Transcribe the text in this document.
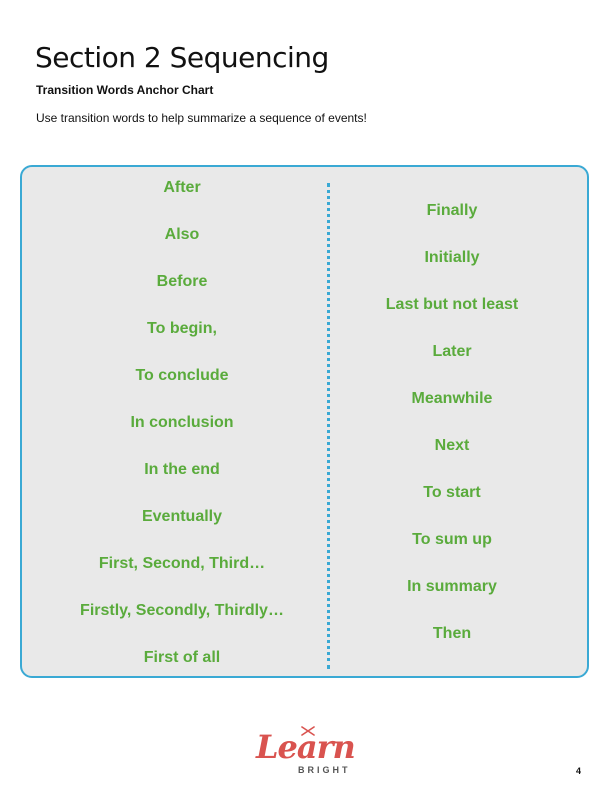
Section 2 Sequencing
Transition Words Anchor Chart
Use transition words to help summarize a sequence of events!
After
Also
Before
To begin,
To conclude
In conclusion
In the end
Eventually
First, Second, Third…
Firstly, Secondly, Thirdly…
First of all
Finally
Initially
Last but not least
Later
Meanwhile
Next
To start
To sum up
In summary
Then
Learn
BRIGHT	4
